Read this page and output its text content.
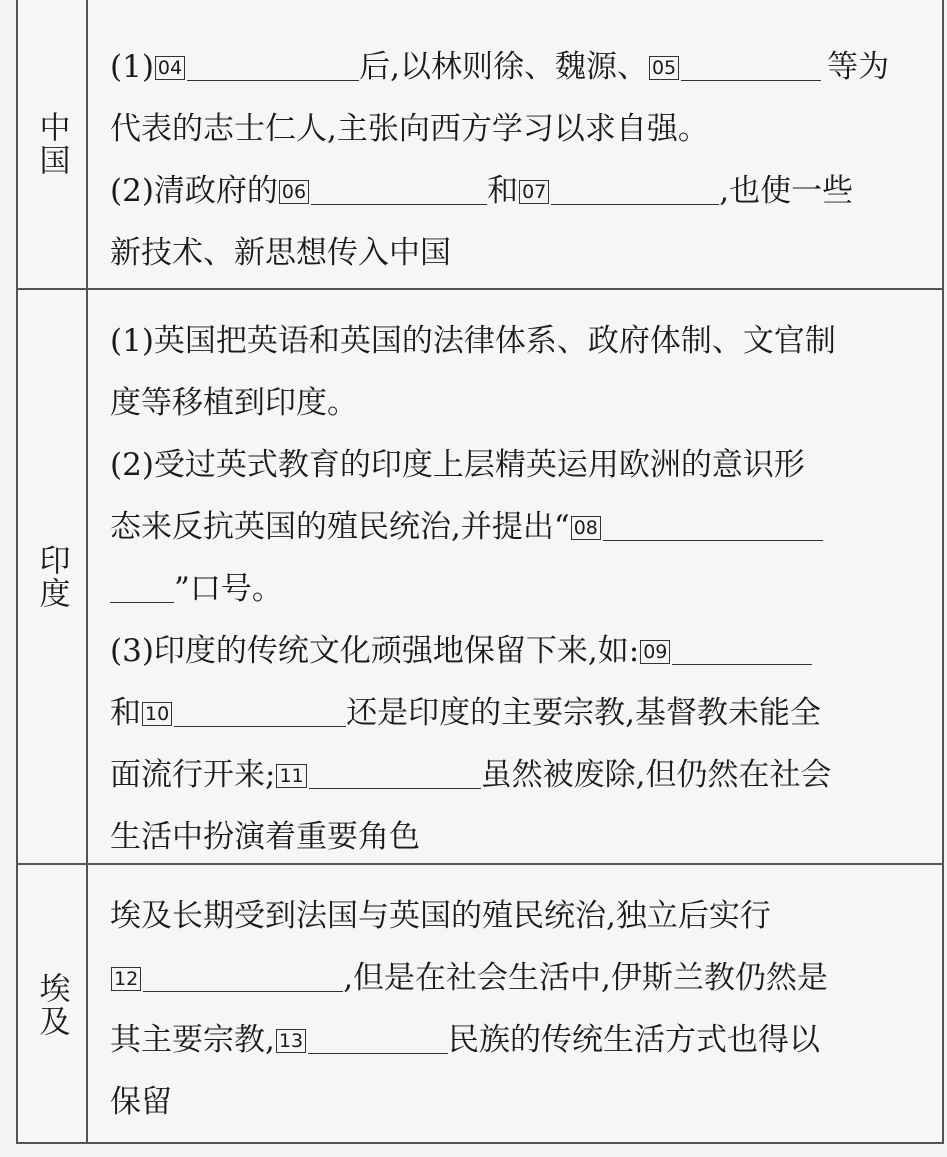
中国
(1) 04	后,以林则徐、魏源、 05	等为
代表的志士仁人,主张向西方学习以求自强。
(2)清政府的 06	和 07	,也使一些
新技术、新思想传入中国
印度
(1)英国把英语和英国的法律体系、政府体制、文官制
度等移植到印度。
(2)受过英式教育的印度上层精英运用欧洲的意识形
态来反抗英国的殖民统治,并提出“ 08
”口号。
(3)印度的传统文化顽强地保留下来,如: 09
和 10	还是印度的主要宗教,基督教未能全
面流行开来; 11	虽然被废除,但仍然在社会
生活中扮演着重要角色
埃及
埃及长期受到法国与英国的殖民统治,独立后实行
12	,但是在社会生活中,伊斯兰教仍然是
其主要宗教, 13	民族的传统生活方式也得以
保留
